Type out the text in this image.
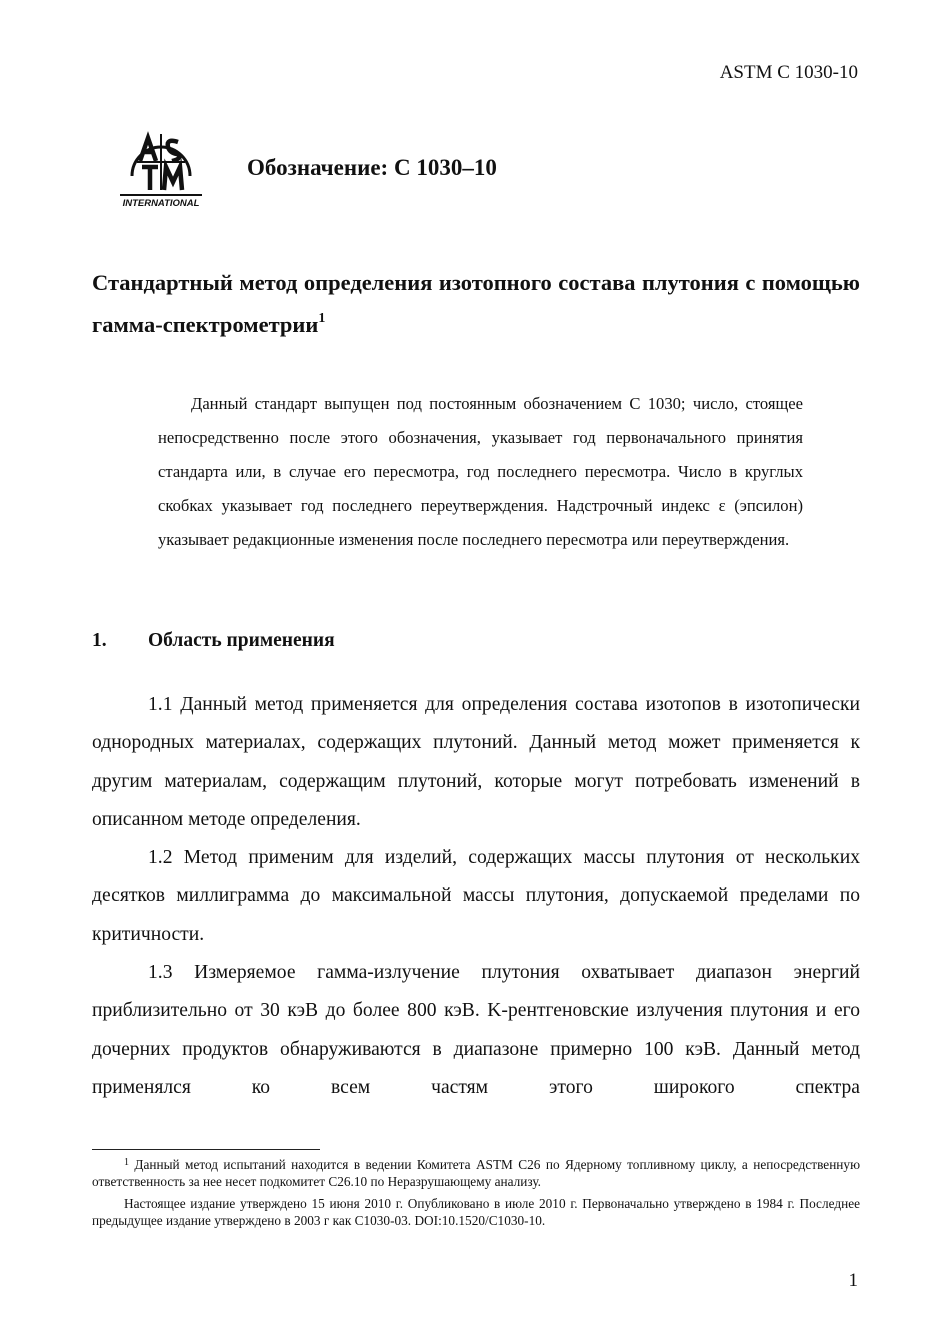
ASTM C 1030-10
INTERNATIONAL
Обозначение: C 1030–10
Стандартный метод определения изотопного состава плутония с помощью гамма-спектрометрии$^1$
Данный стандарт выпущен под постоянным обозначением C 1030; число, стоящее непосредственно после этого обозначения, указывает год первоначального принятия стандарта или, в случае его пересмотра, год последнего пересмотра. Число в круглых скобках указывает год последнего переутверждения. Надстрочный индекс ε (эпсилон) указывает редакционные изменения после последнего пересмотра или переутверждения.
1. Область применения
1.1 Данный метод применяется для определения состава изотопов в изотопически однородных материалах, содержащих плутоний. Данный метод может применяется к другим материалам, содержащим плутоний, которые могут потребовать изменений в описанном методе определения.
1.2 Метод применим для изделий, содержащих массы плутония от нескольких десятков миллиграмма до максимальной массы плутония, допускаемой пределами по критичности.
1.3 Измеряемое гамма-излучение плутония охватывает диапазон энергий приблизительно от 30 кэВ до более 800 кэВ. K-рентгеновские излучения плутония и его дочерних продуктов обнаруживаются в диапазоне примерно 100 кэВ. Данный метод применялся ко всем частям этого широкого спектра
$^1$ Данный метод испытаний находится в ведении Комитета ASTM C26 по Ядерному топливному циклу, а непосредственную ответственность за нее несет подкомитет C26.10 по Неразрушающему анализу.
Настоящее издание утверждено 15 июня 2010 г. Опубликовано в июле 2010 г. Первоначально утверждено в 1984 г. Последнее предыдущее издание утверждено в 2003 г как C1030-03. DOI:10.1520/C1030-10.
1
